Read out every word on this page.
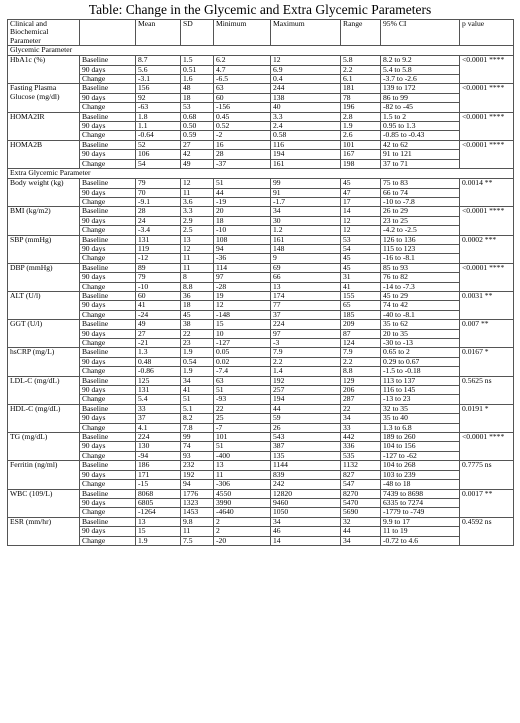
Table: Change in the Glycemic and Extra Glycemic Parameters
Clinical and Biochemical Parameter		Mean	SD	Minimum	Maximum	Range	95% CI	p value
Glycemic Parameter								
HbA1c (%)	Baseline	8.7	1.5	6.2	12	5.8	8.2 to 9.2	<0.0001 ****
	90 days	5.6	0.51	4.7	6.9	2.2	5.4 to 5.8	
	Change	-3.1	1.6	-6.5	0.4	6.1	-3.7 to -2.6	
Fasting Plasma Glucose (mg/dl)	Baseline	156	48	63	244	181	139 to 172	<0.0001 ****
	90 days	92	18	60	138	78	86 to 99	
	Change	-63	53	-156	40	196	-82 to -45	
HOMA2IR	Baseline	1.8	0.68	0.45	3.3	2.8	1.5 to 2	<0.0001 ****
	90 days	1.1	0.50	0.52	2.4	1.9	0.95 to 1.3	
	Change	-0.64	0.59	-2	0.58	2.6	-0.85 to -0.43	
HOMA2B	Baseline	52	27	16	116	101	42 to 62	<0.0001 ****
	90 days	106	42	28	194	167	91 to 121	
	Change	54	49	-37	161	198	37 to 71	
Extra Glycemic Parameter								
Body weight (kg)	Baseline	79	12	51	99	45	75 to 83	0.0014 **
	90 days	70	11	44	91	47	66 to 74	
	Change	-9.1	3.6	-19	-1.7	17	-10 to -7.8	
BMI (kg/m2)	Baseline	28	3.3	20	34	14	26 to 29	<0.0001 ****
	90 days	24	2.9	18	30	12	23 to 25	
	Change	-3.4	2.5	-10	1.2	12	-4.2 to -2.5	
SBP (mmHg)	Baseline	131	13	108	161	53	126 to 136	0.0002 ***
	90 days	119	12	94	148	54	115 to 123	
	Change	-12	11	-36	9	45	-16 to -8.1	
DBP (mmHg)	Baseline	89	11	114	69	45	85 to 93	<0.0001 ****
	90 days	79	8	97	66	31	76 to 82	
	Change	-10	8.8	-28	13	41	-14 to -7.3	
ALT (U/l)	Baseline	60	36	19	174	155	45 to 29	0.0031 **
	90 days	41	18	12	77	65	74 to 42	
	Change	-24	45	-148	37	185	-40 to -8.1	
GGT (U/l)	Baseline	49	38	15	224	209	35 to 62	0.007 **
	90 days	27	22	10	97	87	20 to 35	
	Change	-21	23	-127	-3	124	-30 to -13	
hsCRP (mg/L)	Baseline	1.3	1.9	0.05	7.9	7.9	0.65 to 2	0.0167 *
	90 days	0.48	0.54	0.02	2.2	2.2	0.29 to 0.67	
	Change	-0.86	1.9	-7.4	1.4	8.8	-1.5 to -0.18	
LDL-C (mg/dL)	Baseline	125	34	63	192	129	113 to 137	0.5625 ns
	90 days	131	41	51	257	206	116 to 145	
	Change	5.4	51	-93	194	287	-13 to 23	
HDL-C (mg/dL)	Baseline	33	5.1	22	44	22	32 to 35	0.0191 *
	90 days	37	8.2	25	59	34	35 to 40	
	Change	4.1	7.8	-7	26	33	1.3 to 6.8	
TG (mg/dL)	Baseline	224	99	101	543	442	189 to 260	<0.0001 ****
	90 days	130	74	51	387	336	104 to 156	
	Change	-94	93	-400	135	535	-127 to -62	
Ferritin (ng/ml)	Baseline	186	232	13	1144	1132	104 to 268	0.7775 ns
	90 days	171	192	11	839	827	103 to 239	
	Change	-15	94	-306	242	547	-48 to 18	
WBC (109/L)	Baseline	8068	1776	4550	12820	8270	7439 to 8698	0.0017 **
	90 days	6805	1323	3990	9460	5470	6335 to 7274	
	Change	-1264	1453	-4640	1050	5690	-1779 to -749	
ESR (mm/hr)	Baseline	13	9.8	2	34	32	9.9 to 17	0.4592 ns
	90 days	15	11	2	46	44	11 to 19	
	Change	1.9	7.5	-20	14	34	-0.72 to 4.6	
